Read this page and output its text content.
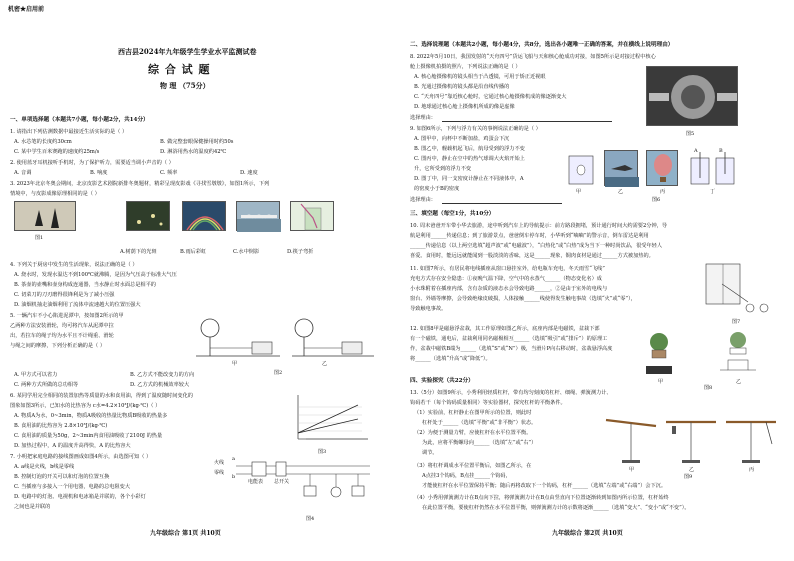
机密★启用前
西吉县2024年九年级学生学业水平监测试卷
综 合 试 题
物 理 （75分）
一、单项选择题（本题共7小题，每小题2分，共14分）
1. 请指出下列估测数据中最接近生活实际的是（ ）
A. 水芯笔的长度约30cm	B. 做完整套眼保健操用时约50s
C. 某中学生百米赛跑的速度约25m/s	D. 淋浴用热水的温度约42℃
2. 使用蓝牙耳机接听手机时，为了保护听力，需要适当调小声音的（ ）
A. 音调	B. 响度	C. 频率	D. 速度
3. 2023年北京冬奥会期间，北京皮影艺术剧院新排冬奥题材，精彩呈现皮影戏《寻找雪墩墩》，如图1所示，下列
情境中，与皮影成像原理相同的是（ ）
图1
A.树荫下的光斑	B.雨后彩虹	C.水中倒影	D.筷子弯折
4. 下列关于厨房中发生的生活现象，说法正确的是（ ）
A. 烧水时，发现水温达不到100℃就沸腾，是因为气压高于标准大气压
B. 茶壶的壶嘴和壶身构成连通器，当水静止时水面总是相平的
C. 切菜刀的刀刃磨得很锋利是为了减小压强
D. 油烟机抽走油烟利用了流体中流速越大的位置压强大
5. 一辆汽车不小心陷进泥潭中，按如图2所示的甲
乙两种方法安装滑轮，均可将汽车从泥潭中拉
出，若拉车的绳子均为水平且不计绳重、滑轮
与绳之间的摩擦，下列分析正确的是（ ）
甲	乙
图2
A. 甲方式可以省力	B. 乙方式不能改变力的方向
C. 两种方式所做的总功相等	D. 乙方式的机械效率较大
6. 某同学用完全相同的装置加热等质量的水和食用油，得到了温度随时间变化的
图象如图3所示，已知水的比热容为 c水=4.2×10³J/(kg·℃)（ ）
A. 物质A为水，0~3min，物质A吸收的热量比物质B吸收的热量多
B. 食用油的比热容为 2.8×10³J/(kg·℃)
C. 食用油的质量为50g，2~3min内食用油吸收了2100J 的热量
D. 加热过程中，A 的温度升高得快，A 的比热容大
图3
7. 小明把家庭电路的接线图画成如图4所示，由选图可知（ ）
A. a线是火线，b线是零线
B. 控制灯泡的开关可以和灯泡的位置互换
C. 当插座与多接入一个用电器，电路的总电阻变大
D. 电路中的灯泡、电视机和电冰箱是并联的，各个小彩灯
之间也是并联的
火线
零线
a
b
电能表 总开关
图4
九年级综合 第1页 共10页
二、选择说理题（本题共2小题，每小题4分，共8分，选出各小题唯一正确的答案，并在横线上说明理由）
8. 2022年5月10日，我国发射的“天舟四号”货运飞船与天和核心舱成功对接，如图5所示是对接过程中核心
舱上摄像机拍摄的照片，下列说法正确的是（ ）
A. 核心舱摄像机的镜头相当于凸透镜，可用于矫正近视眼
B. 光通过摄像机的镜头都是沿直线传播的
C. “天舟四号”靠近核心舱时，它通过核心舱摄像机成的像逐渐变大
D. 地球通过核心舱上摄像机所成的像是虚像
选择理由：
图5
9. 如图6所示，下列与浮力有关的事例说法正确的是（ ）
A. 图甲中，向杯中不断加盐，鸡蛋会下沉
B. 图乙中，舰载机起飞后，航母受到的浮力不变
C. 图丙中，静止在空中的热气球调大火焰开始上
升，它所受到的浮力不变
D. 图丁中，同一支密度计静止在不同液体中，A
的密度小于B的密度
选择理由：
甲	乙	丙	丁
A	B
图6
三、填空题（每空1分，共10分）
10. 周末爸爸开车带小华去旅游，途中听到汽车上的导航提示：前方路段拥堵，预计通行时间大约需要2分钟，导
航是利用______传递信息；到了旅游景点，爸爸倒车停车时，小华听到“嘀嘀”的警示音，倒车雷达是利用
______传递信息（以上两空选填“超声波”或“电磁波”），“白热化”或“白热”成为当下一种时尚饮品，很受年轻人
喜爱。食用时，能远远就能闻到一股淡淡的香味，这是______现象，铜肉食材是通过______方式被加热的。
11. 如图7所示，有居民将电线插座从窗口悬挂室外，给电瓶车充电，冬天雨雪“飞线”
充电方式存在安全隐患：①夜晚气温下降，空气中的水蒸气______（物态变化名）成
小水珠附着在插座内部，含有杂质的液态水会导致电路______，②是由于室外的电线与
窗台、外墙等摩擦，会导致绝缘皮破损，人体接触______线使得发生触电事故（选填“火”或“零”），
导致触电事故。
图7
12. 如图8甲是磁悬浮盆栽，其工作原理如图乙所示，底座内部是电磁铁，盆栽下部
有一个磁铁，通电后，盆栽利用同名磁极相互______（选填“吸引”或“排斥”）的原理工
作，盆栽中磁铁B端为______（选填“S”或“N”）极，当滑片P向右移动时，盆栽悬浮高度
将______（选填“升高”或“降低”）。
甲	乙
图8
四、实验探究（共22分）
13.（5分）如图9所示，小秀利用轻质杠杆，带有均匀刻度的杠杆、细绳、弹簧测力计、
钩码若干（每个钩码质量相同）等实验器材，探究杠杆的平衡条件。
（1）实验前，杠杆静止在图甲所示的位置，则此时
杠杆处于______（选填“平衡”或“非平衡”）状态。
（2）为便于测量力臂，应使杠杆在水平位置平衡。
为此，应将平衡螺母向______（选填“左”或“右”）
调节。
甲	乙	丙
图9
（3）将杠杆调成水平位置平衡后，如图乙所示，在
A点挂3个钩码，B点挂______个钩码，
才能使杠杆在水平位置保持平衡；随后再将改取下一个钩码，杠杆______（选填“左端”或“右端”）会下沉。
（4）小秀用弹簧测力计在B点向下拉，将弹簧测力计在B点由竖直向下位置逐渐转到如图丙所示位置，杠杆始终
在此位置平衡，要使杠杆仍然在水平位置平衡，则弹簧测力计的示数将逐渐______（选填“变大”、“变小”或“不变”）。
九年级综合 第2页 共10页
